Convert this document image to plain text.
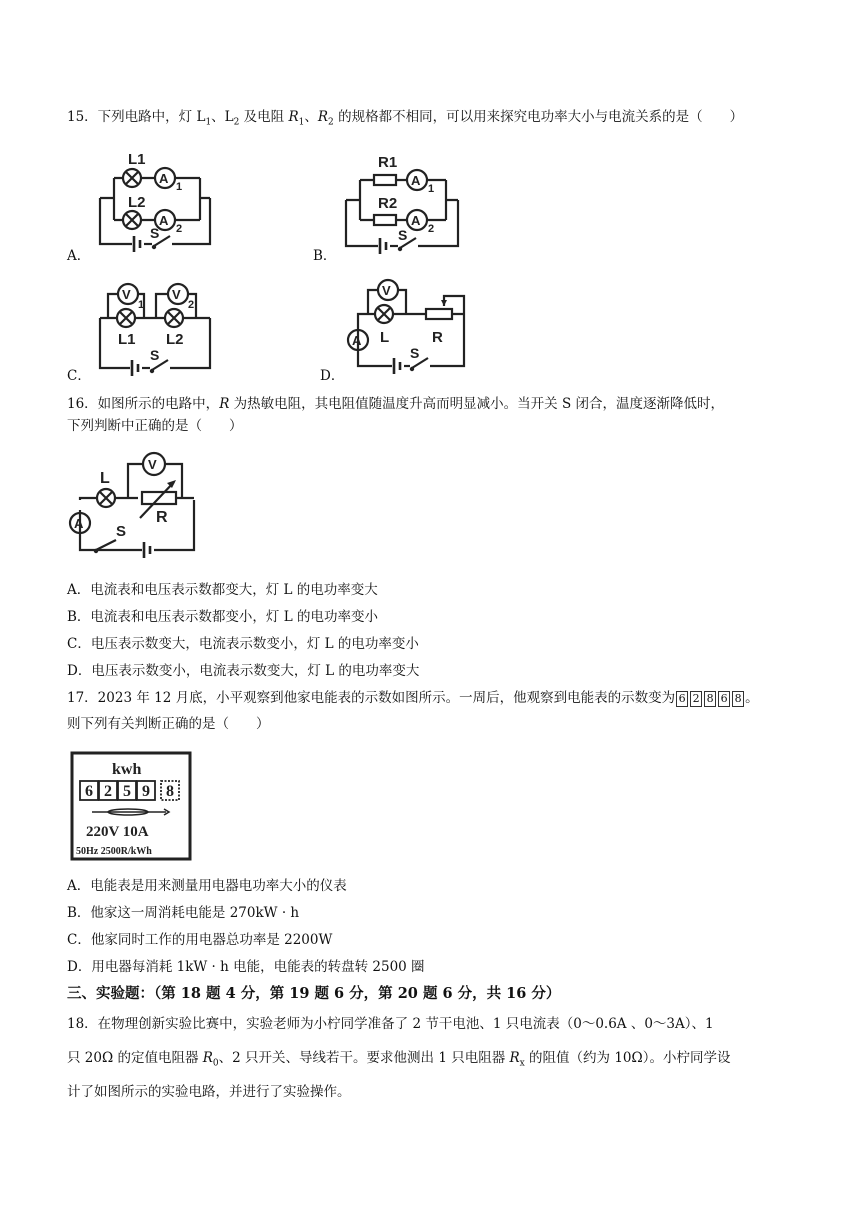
15．下列电路中，灯 $L_1$、$L_2$ 及电阻 $R_1$、$R_2$ 的规格都不相同，可以用来探究电功率大小与电流关系的是（　　）
A．
A
A
L1
L2
S
1
2
B．
A
A
R1
R2
S
1
2
C．
V	V
L1 L2
S
1	2
D．
V
A L	R
S
16．如图所示的电路中，R 为热敏电阻，其电阻值随温度升高而明显减小。当开关 S 闭合，温度逐渐降低时，
下列判断中正确的是（　　）
V
A
L
R
S
A．电流表和电压表示数都变大，灯 L 的电功率变大
B．电流表和电压表示数都变小，灯 L 的电功率变小
C．电压表示数变大，电流表示数变小，灯 L 的电功率变小
D．电压表示数变小，电流表示数变大，灯 L 的电功率变大
17．2023 年 12 月底，小平观察到他家电能表的示数如图所示。一周后，他观察到电能表的示数变为 6 2 8 6 8 。
则下列有关判断正确的是（　　）
kwh
6 2 5 9 8
220V 10A
50Hz 2500R/kWh
A．电能表是用来测量用电器电功率大小的仪表
B．他家这一周消耗电能是 270kW · h
C．他家同时工作的用电器总功率是 2200W
D．用电器每消耗 1kW · h 电能，电能表的转盘转 2500 圈
三、实验题：（第 18 题 4 分，第 19 题 6 分，第 20 题 6 分，共 16 分）
18．在物理创新实验比赛中，实验老师为小柠同学准备了 2 节干电池、1 只电流表（0～0.6A 、0～3A）、1
只 20Ω 的定值电阻器 $R_0$、2 只开关、导线若干。要求他测出 1 只电阻器 $R_x$ 的阻值（约为 10Ω）。小柠同学设
计了如图所示的实验电路，并进行了实验操作。
